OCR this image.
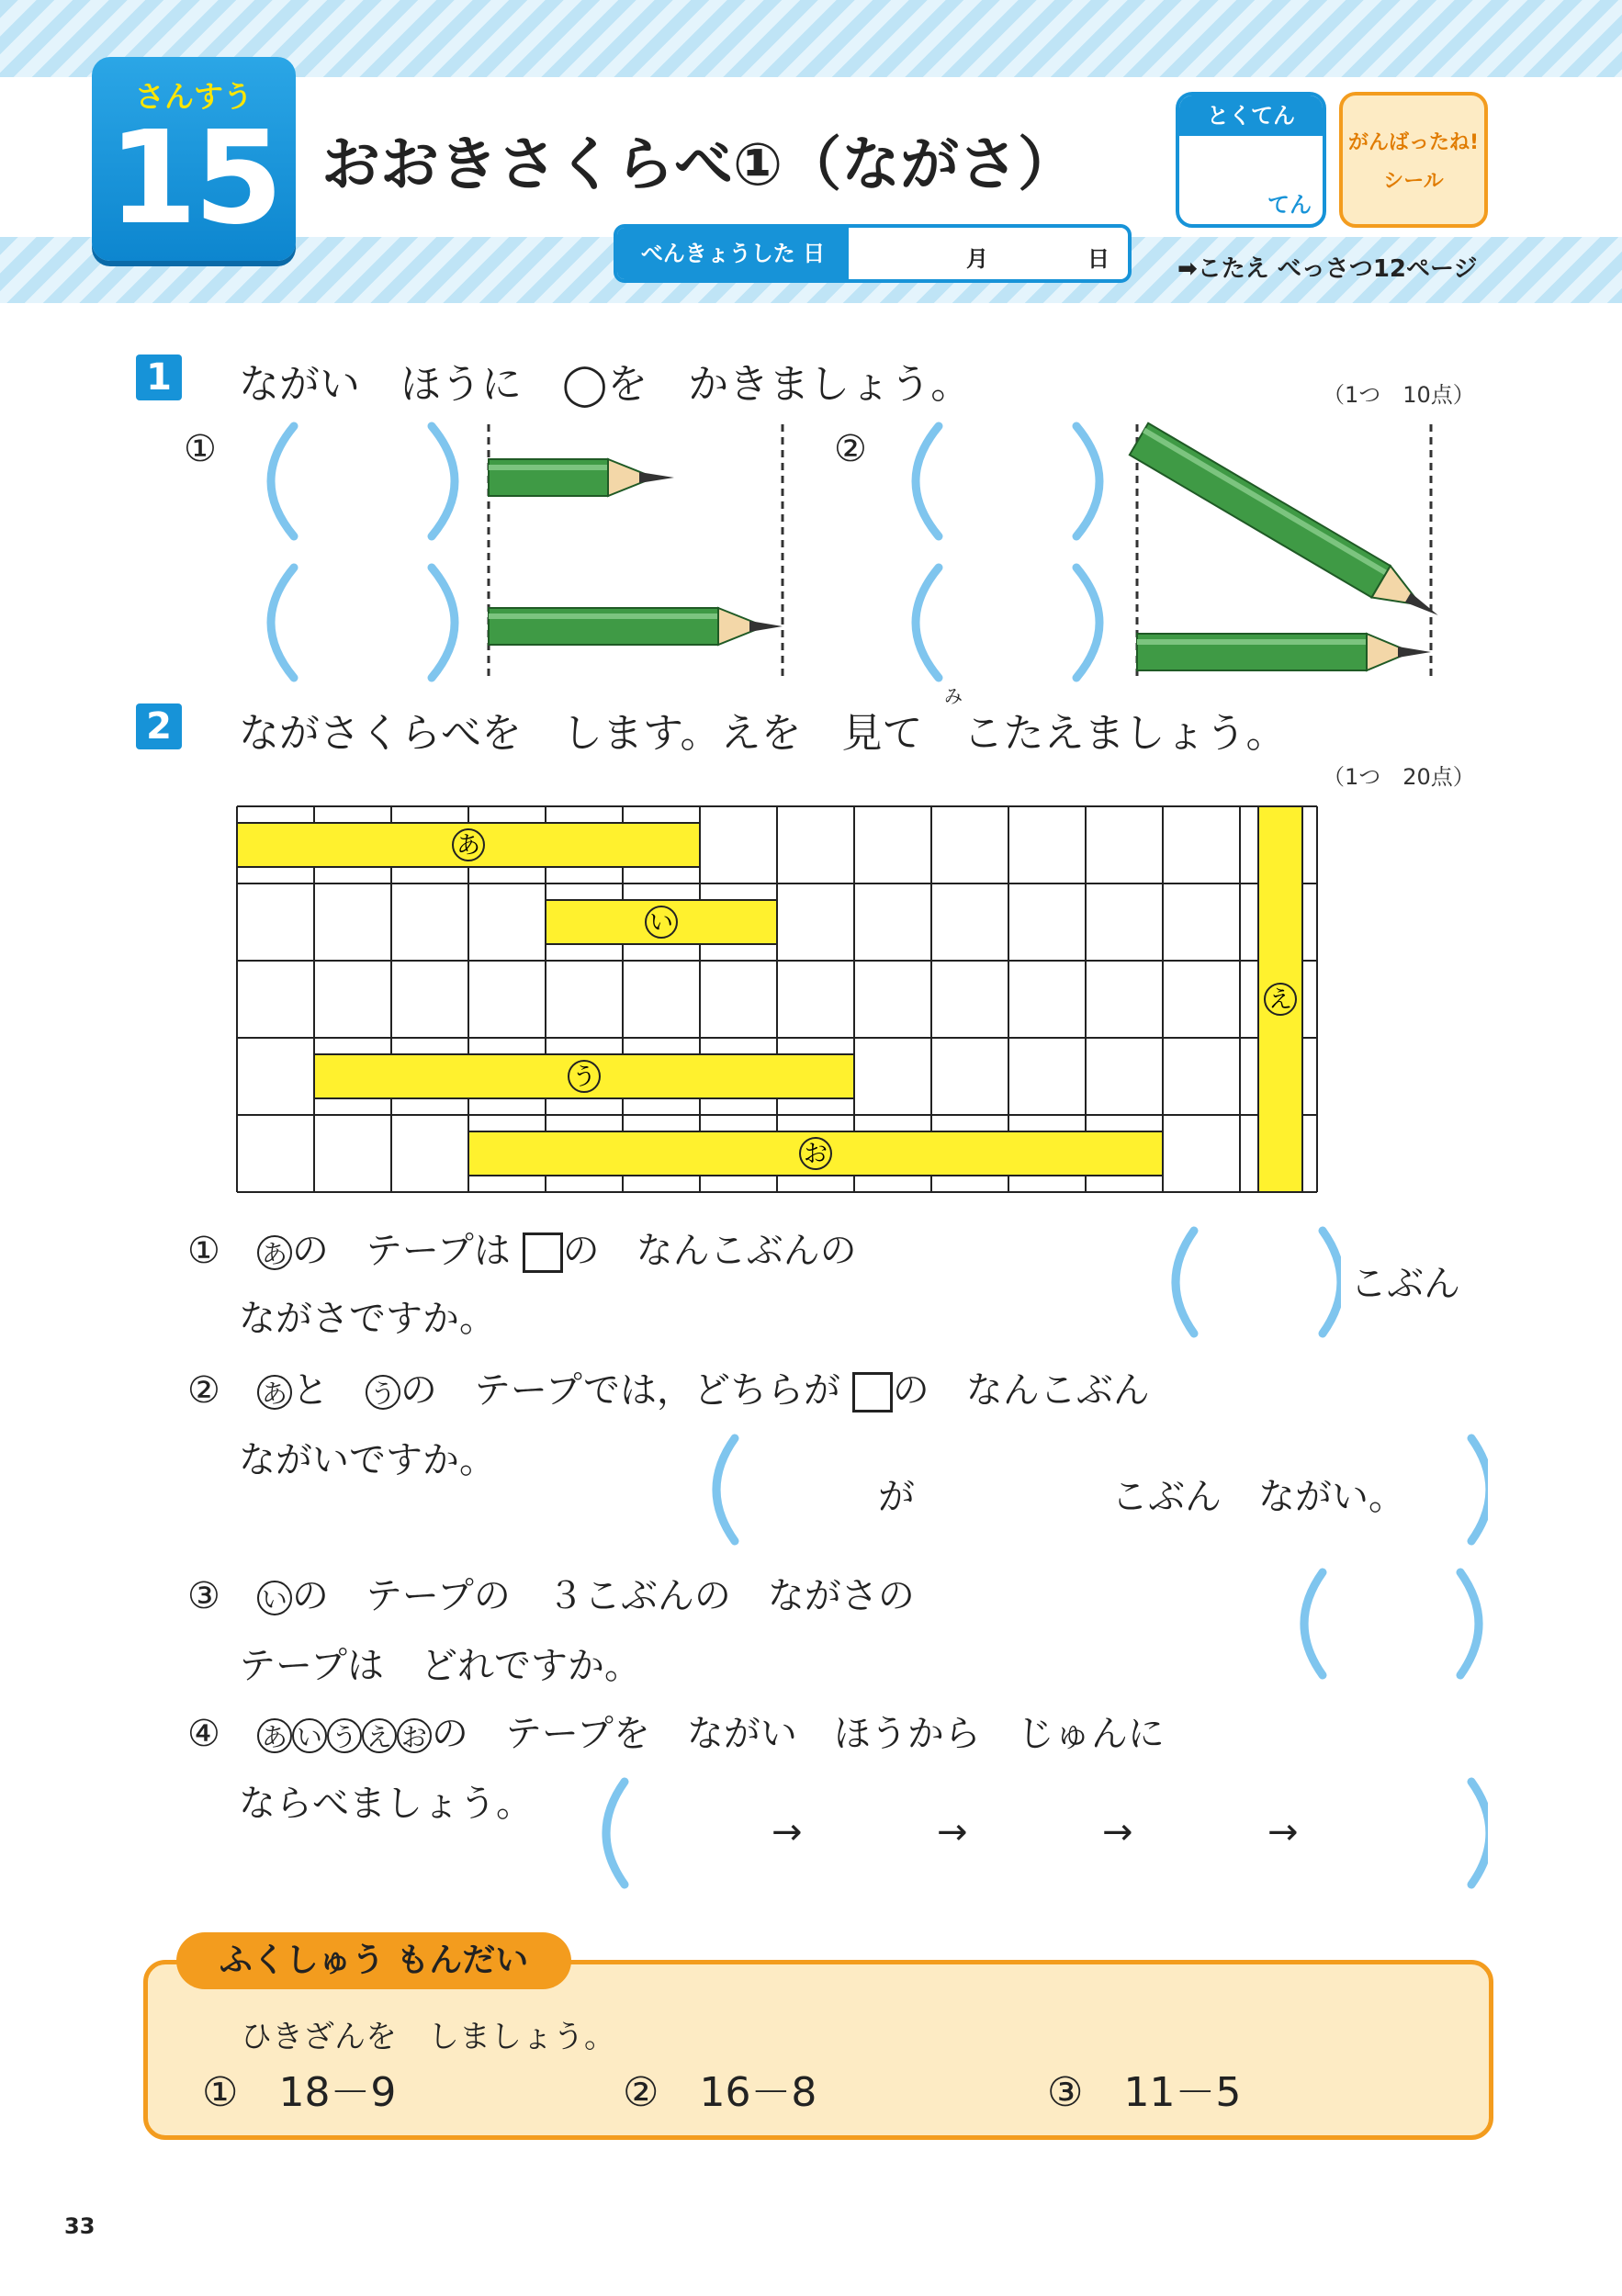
さんすう
15 おおきさくらべ①（ながさ）
とくてん
てん
がんばったね!
シール
べんきょうした 日	月	日	➡こたえ べっさつ12ページ
1 ながい　ほうに　◯を　かきましょう。	（1つ　10点）
①	②
2
み
ながさくらべを　します。えを　見て　こたえましょう。
（1つ　20点）
あ
い
う
え
お
①　 あ の　テープは の　なんこぶんの
ながさですか。
こぶん
②　 あ と　 う の　テープでは，どちらが の　なんこぶん
ながいですか。
が	こぶん　ながい。
③　 い の　テープの　３こぶんの　ながさの
テープは　どれですか。
④　 あ い う え お の　テープを　ながい　ほうから　じゅんに
ならべましょう。
→	→	→	→
ふくしゅう もんだい
ひきざんを　しましょう。
①　18－9	②　16－8	③　11－5
33
